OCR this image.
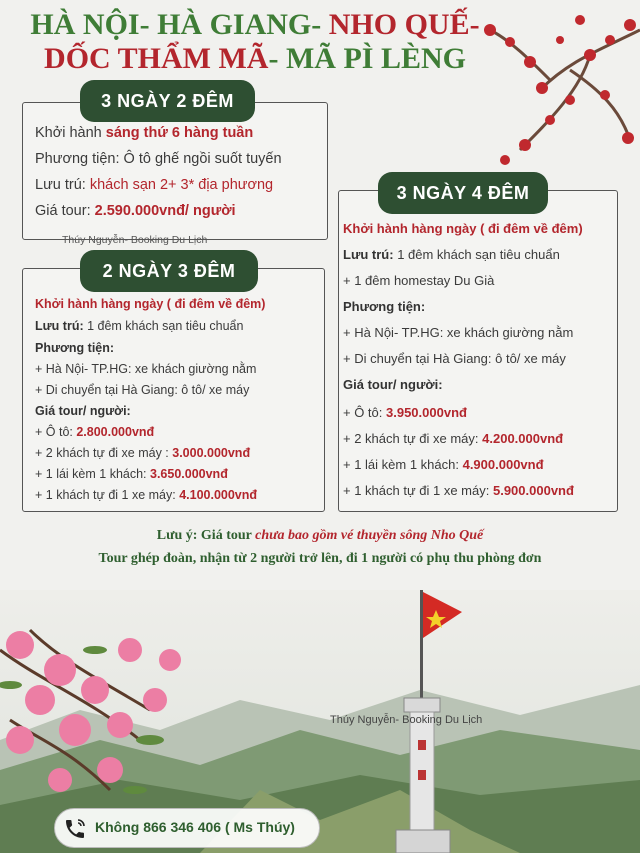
HÀ NỘI- HÀ GIANG- NHO QUẾ-
DỐC THẨM MÃ- MÃ PÌ LÈNG
Khởi hành sáng thứ 6 hàng tuần
Phương tiện: Ô tô ghế ngồi suốt tuyến
Lưu trú: khách sạn 2+ 3* địa phương
Giá tour: 2.590.000vnđ/ người
3 NGÀY 2 ĐÊM
Thúy Nguyễn- Booking Du Lịch
Khởi hành hàng ngày ( đi đêm về đêm)
Lưu trú: 1 đêm khách sạn tiêu chuẩn
Phương tiện:
+ Hà Nội- TP.HG: xe khách giường nằm
+ Di chuyển tại Hà Giang: ô tô/ xe máy
Giá tour/ người:
+ Ô tô: 2.800.000vnđ
+ 2 khách tự đi xe máy : 3.000.000vnđ
+ 1 lái kèm 1 khách: 3.650.000vnđ
+ 1 khách tự đi 1 xe máy: 4.100.000vnđ
2 NGÀY 3 ĐÊM
Khởi hành hàng ngày ( đi đêm về đêm)
Lưu trú: 1 đêm khách sạn tiêu chuẩn
+ 1 đêm homestay Du Già
Phương tiện:
+ Hà Nội- TP.HG: xe khách giường nằm
+ Di chuyển tại Hà Giang: ô tô/ xe máy
Giá tour/ người:
+ Ô tô: 3.950.000vnđ
+ 2 khách tự đi xe máy: 4.200.000vnđ
+ 1 lái kèm 1 khách: 4.900.000vnđ
+ 1 khách tự đi 1 xe máy: 5.900.000vnđ
3 NGÀY 4 ĐÊM
Lưu ý: Giá tour chưa bao gồm vé thuyền sông Nho Quế
Tour ghép đoàn, nhận từ 2 người trở lên, đi 1 người có phụ thu phòng đơn
Thúy Nguyễn- Booking Du Lịch
Không 866 346 406 ( Ms Thúy)
